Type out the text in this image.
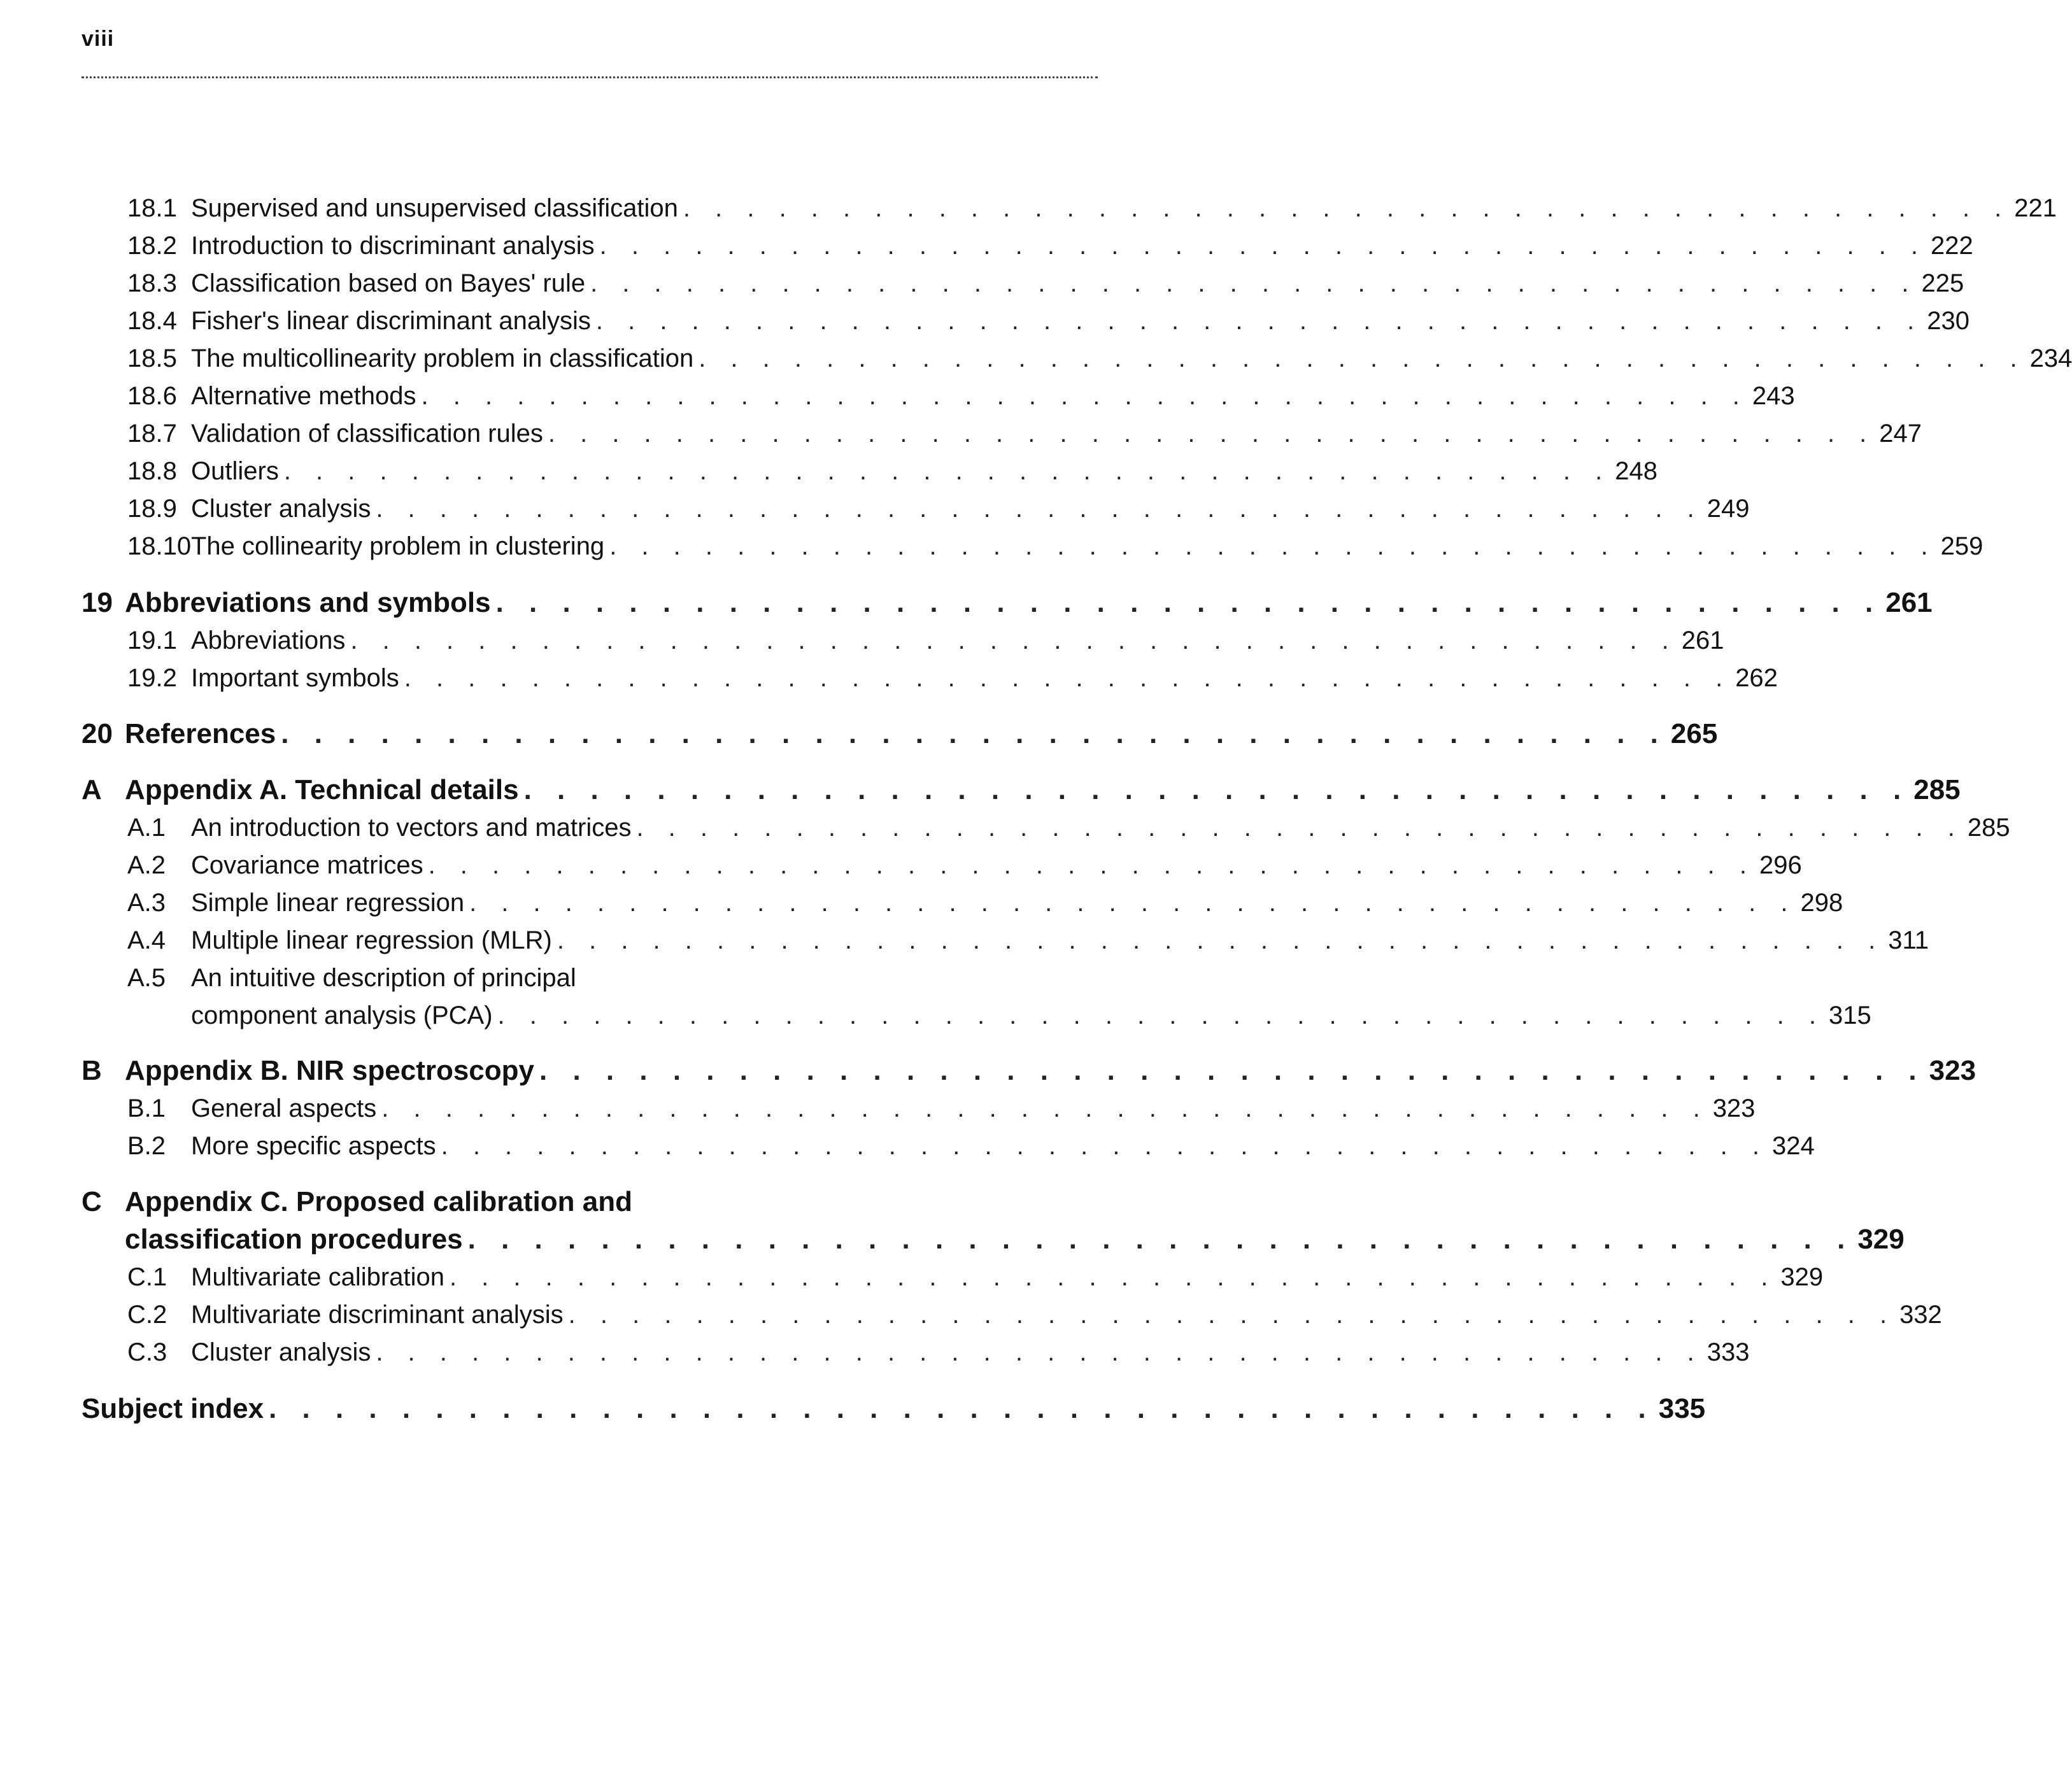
viii
18.1 Supervised and unsupervised classification . . . . . . . . . . . . . . . . . . . . . . . . . . . . . . . . . . . . . . . . . . 221
18.2 Introduction to discriminant analysis . . . . . . . . . . . . . . . . . . . . . . . . . . . . . . . . . . . . . . . . . . 222
18.3 Classification based on Bayes' rule . . . . . . . . . . . . . . . . . . . . . . . . . . . . . . . . . . . . . . . . . . 225
18.4 Fisher's linear discriminant analysis . . . . . . . . . . . . . . . . . . . . . . . . . . . . . . . . . . . . . . . . . . 230
18.5 The multicollinearity problem in classification . . . . . . . . . . . . . . . . . . . . . . . . . . . . . . . . . . . . . . . . . . 234
18.6 Alternative methods . . . . . . . . . . . . . . . . . . . . . . . . . . . . . . . . . . . . . . . . . . 243
18.7 Validation of classification rules . . . . . . . . . . . . . . . . . . . . . . . . . . . . . . . . . . . . . . . . . . 247
18.8 Outliers . . . . . . . . . . . . . . . . . . . . . . . . . . . . . . . . . . . . . . . . . . 248
18.9 Cluster analysis . . . . . . . . . . . . . . . . . . . . . . . . . . . . . . . . . . . . . . . . . . 249
18.10 The collinearity problem in clustering . . . . . . . . . . . . . . . . . . . . . . . . . . . . . . . . . . . . . . . . . . 259
19 Abbreviations and symbols . . . . . . . . . . . . . . . . . . . . . . . . . . . . . . . . . . . . . . . . . . 261
19.1 Abbreviations . . . . . . . . . . . . . . . . . . . . . . . . . . . . . . . . . . . . . . . . . . 261
19.2 Important symbols . . . . . . . . . . . . . . . . . . . . . . . . . . . . . . . . . . . . . . . . . . 262
20 References . . . . . . . . . . . . . . . . . . . . . . . . . . . . . . . . . . . . . . . . . . 265
A Appendix A. Technical details . . . . . . . . . . . . . . . . . . . . . . . . . . . . . . . . . . . . . . . . . . 285
A.1 An introduction to vectors and matrices . . . . . . . . . . . . . . . . . . . . . . . . . . . . . . . . . . . . . . . . . . 285
A.2 Covariance matrices . . . . . . . . . . . . . . . . . . . . . . . . . . . . . . . . . . . . . . . . . . 296
A.3 Simple linear regression . . . . . . . . . . . . . . . . . . . . . . . . . . . . . . . . . . . . . . . . . . 298
A.4 Multiple linear regression (MLR) . . . . . . . . . . . . . . . . . . . . . . . . . . . . . . . . . . . . . . . . . . 311
A.5 An intuitive description of principal
component analysis (PCA) . . . . . . . . . . . . . . . . . . . . . . . . . . . . . . . . . . . . . . . . . . 315
B Appendix B. NIR spectroscopy . . . . . . . . . . . . . . . . . . . . . . . . . . . . . . . . . . . . . . . . . . 323
B.1 General aspects . . . . . . . . . . . . . . . . . . . . . . . . . . . . . . . . . . . . . . . . . . 323
B.2 More specific aspects . . . . . . . . . . . . . . . . . . . . . . . . . . . . . . . . . . . . . . . . . . 324
C Appendix C. Proposed calibration and
classification procedures . . . . . . . . . . . . . . . . . . . . . . . . . . . . . . . . . . . . . . . . . . 329
C.1 Multivariate calibration . . . . . . . . . . . . . . . . . . . . . . . . . . . . . . . . . . . . . . . . . . 329
C.2 Multivariate discriminant analysis . . . . . . . . . . . . . . . . . . . . . . . . . . . . . . . . . . . . . . . . . . 332
C.3 Cluster analysis . . . . . . . . . . . . . . . . . . . . . . . . . . . . . . . . . . . . . . . . . . 333
Subject index . . . . . . . . . . . . . . . . . . . . . . . . . . . . . . . . . . . . . . . . . . 335
